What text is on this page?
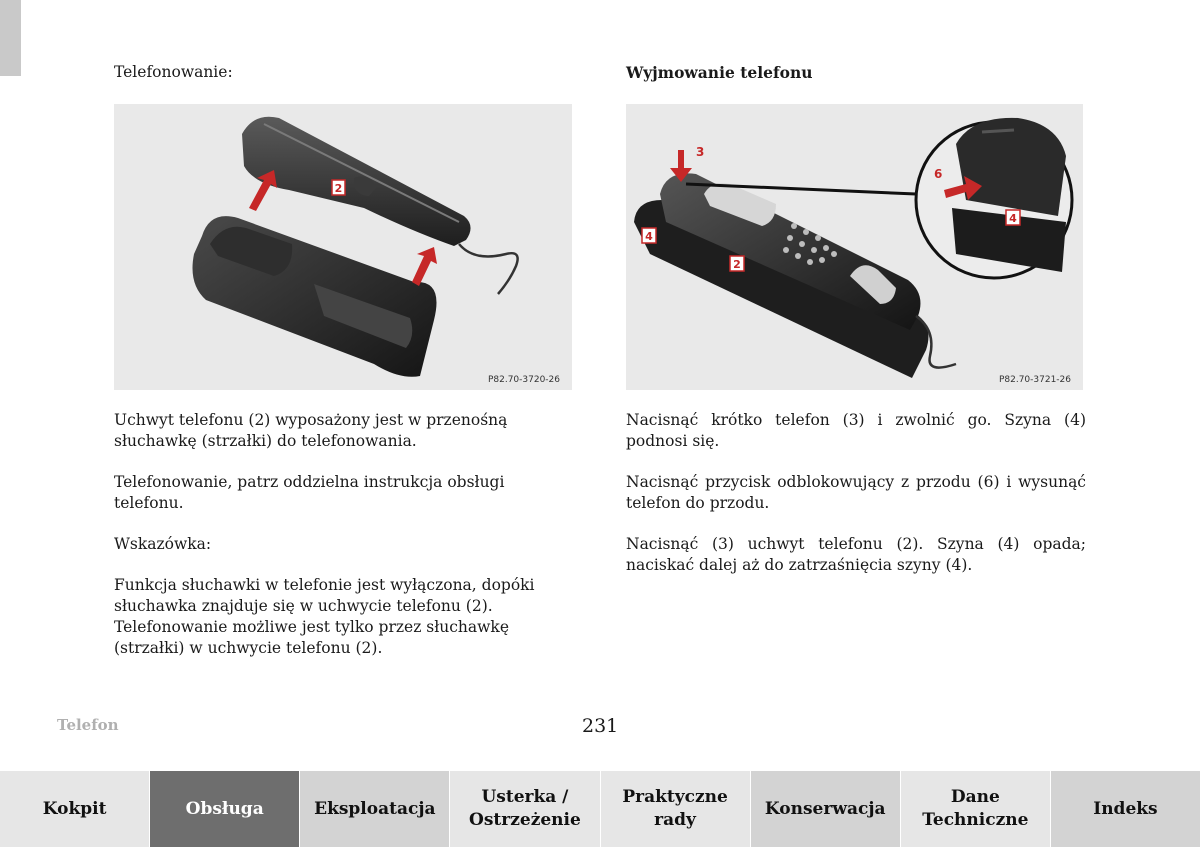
Telefonowanie:	Wyjmowanie telefonu
2
P82.70-3720-26
3
4
2
6
4
P82.70-3721-26

Uchwyt telefonu (2) wyposażony jest w przenośną słuchawkę (strzałki) do telefonowania.

Telefonowanie, patrz oddzielna instrukcja obsługi telefonu.

Wskazówka:

Funkcja słuchawki w telefonie jest wyłączona, dopóki słuchawka znajduje się w uchwycie telefonu (2). Telefonowanie możliwe jest tylko przez słuchawkę (strzałki) w uchwycie telefonu (2).

Nacisnąć krótko telefon (3) i zwolnić go. Szyna (4) podnosi się.

Nacisnąć przycisk odblokowujący z przodu (6) i wysunąć telefon do przodu.

Nacisnąć (3) uchwyt telefonu (2). Szyna (4) opada; naciskać dalej aż do zatrzaśnięcia szyny (4).

Telefon	231
Kokpit	Obsługa	Eksploatacja
Usterka /
Ostrzeżenie
Praktyczne
rady
Konserwacja
Dane
Techniczne
Indeks
